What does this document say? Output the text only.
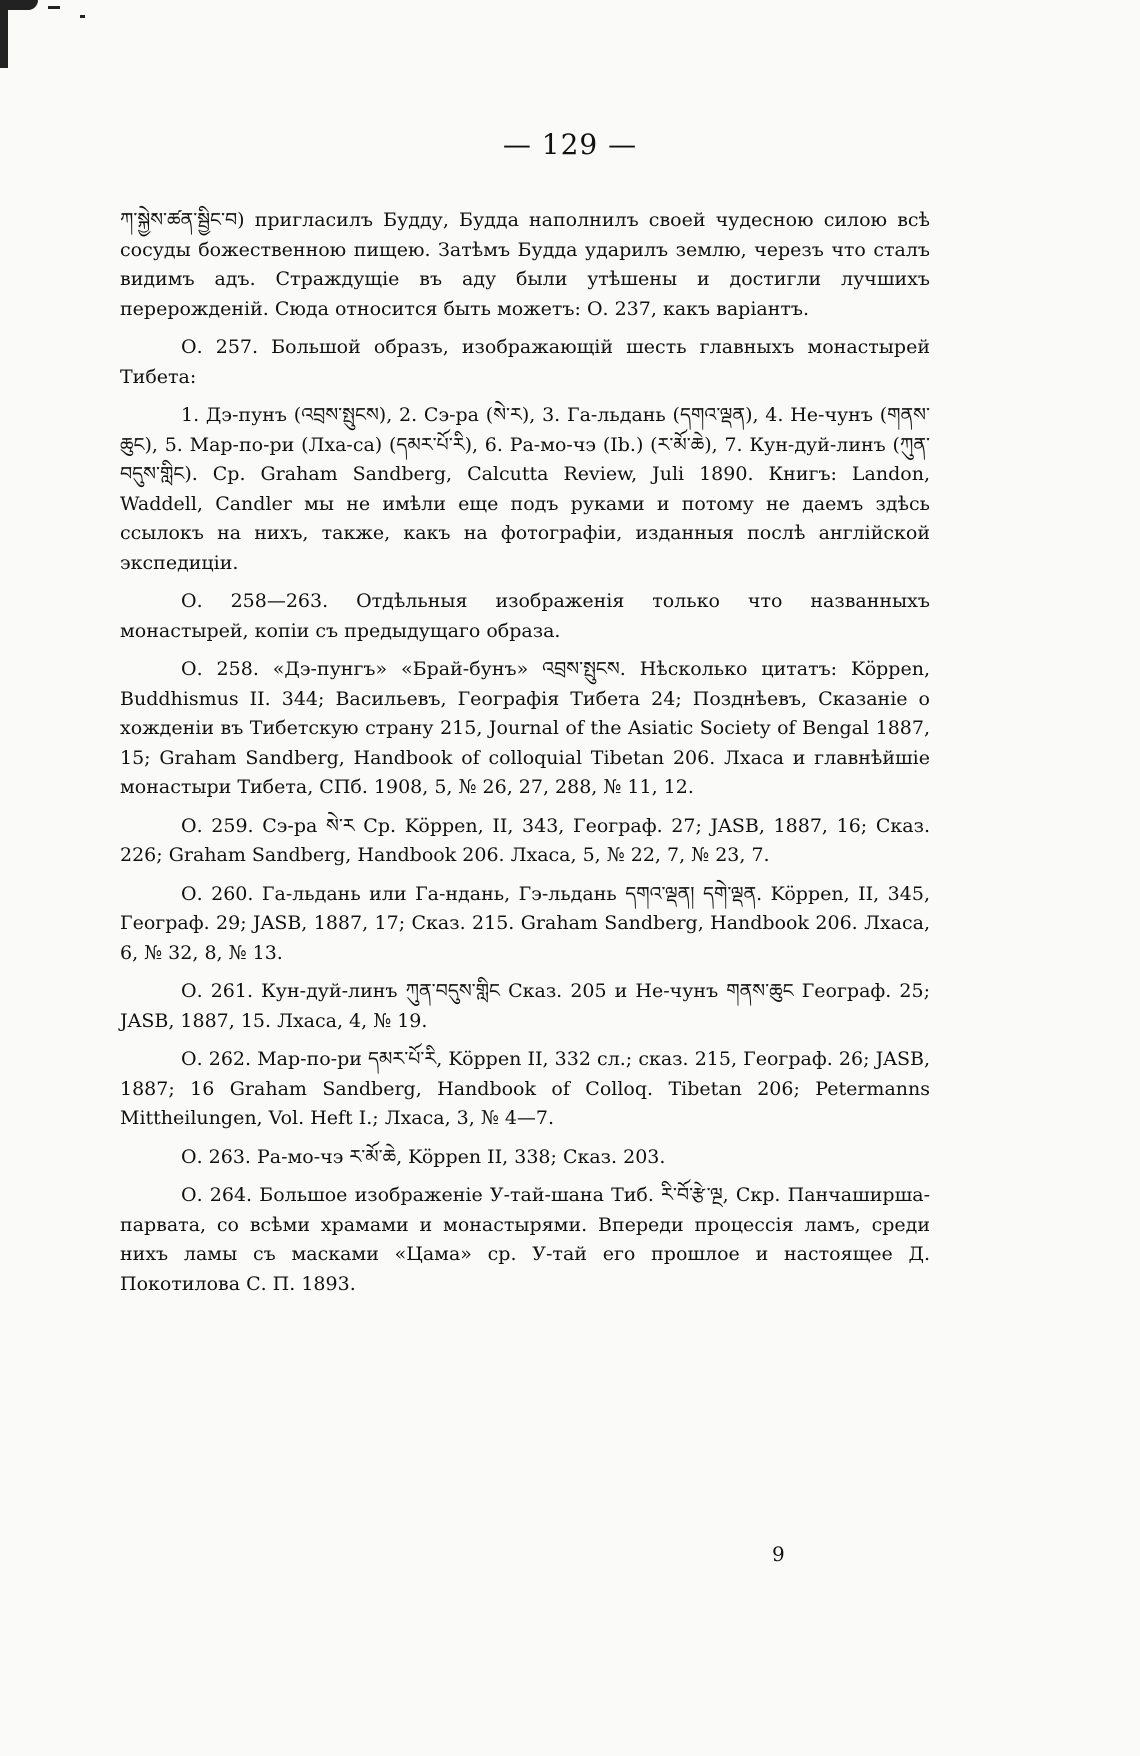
— 129 —

ཀ་སྐྱེས་ཚན་སྦྱིང་བ) пригласилъ Будду, Будда наполнилъ своей чудесною силою всѣ сосуды божественною пищею. Затѣмъ Будда ударилъ землю, черезъ что сталъ видимъ адъ. Страждущіе въ аду были утѣшены и достигли лучшихъ перерожденій. Сюда относится быть можетъ: О. 237, какъ варіантъ.

О. 257. Большой образъ, изображающій шесть главныхъ монастырей Тибета:

1. Дэ-пунъ (འབྲས་སྤུངས), 2. Сэ-ра (སེ་ར), 3. Га-льдань (དགའ་ལྡན), 4. Не-чунъ (གནས་ཆུང), 5. Мар-по-ри (Лха-са) (དམར་པོ་རི), 6. Ра-мо-чэ (Ib.) (ར་མོ་ཆེ), 7. Кун-дуй-линъ (ཀུན་བདུས་གླིང). Ср. Graham Sandberg, Calcutta Review, Juli 1890. Книгъ: Landon, Waddell, Candler мы не имѣли еще подъ руками и потому не даемъ здѣсь ссылокъ на нихъ, также, какъ на фотографіи, изданныя послѣ англійской экспедиціи.

О. 258—263. Отдѣльныя изображенія только что названныхъ монастырей, копіи съ предыдущаго образа.

О. 258. «Дэ-пунгъ» «Брай-бунъ» འབྲས་སྤུངས. Нѣсколько цитатъ: Köppen, Buddhismus II. 344; Васильевъ, Географія Тибета 24; Позднѣевъ, Сказаніе о хожденіи въ Тибетскую страну 215, Journal of the Asiatic Society of Bengal 1887, 15; Graham Sandberg, Handbook of colloquial Tibetan 206. Лхаса и главнѣйшіе монастыри Тибета, СПб. 1908, 5, № 26, 27, 288, № 11, 12.

О. 259. Сэ-ра སེ་ར Ср. Köppen, II, 343, Географ. 27; JASB, 1887, 16; Сказ. 226; Graham Sandberg, Handbook 206. Лхаса, 5, № 22, 7, № 23, 7.

О. 260. Га-льдань или Га-ндань, Гэ-льдань དགའ་ལྡན། དགེ་ལྡན. Köppen, II, 345, Географ. 29; JASB, 1887, 17; Сказ. 215. Graham Sandberg, Handbook 206. Лхаса, 6, № 32, 8, № 13.

О. 261. Кун-дуй-линъ ཀུན་བདུས་གླིང Сказ. 205 и Не-чунъ གནས་ཆུང Географ. 25; JASB, 1887, 15. Лхаса, 4, № 19.

О. 262. Мар-по-ри དམར་པོ་རི, Köppen II, 332 сл.; сказ. 215, Географ. 26; JASB, 1887; 16 Graham Sandberg, Handbook of Colloq. Tibetan 206; Petermanns Mittheilungen, Vol. Heft I.; Лхаса, 3, № 4—7.

О. 263. Ра-мо-чэ ར་མོ་ཆེ, Köppen II, 338; Сказ. 203.

О. 264. Большое изображеніе У-тай-шана Тиб. རི་བོ་རྩེ་ལྔ, Скр. Панчаширша-парвата, со всѣми храмами и монастырями. Впереди процессія ламъ, среди нихъ ламы съ масками «Цама» ср. У-тай его прошлое и настоящее Д. Покотилова С. П. 1893.

9
